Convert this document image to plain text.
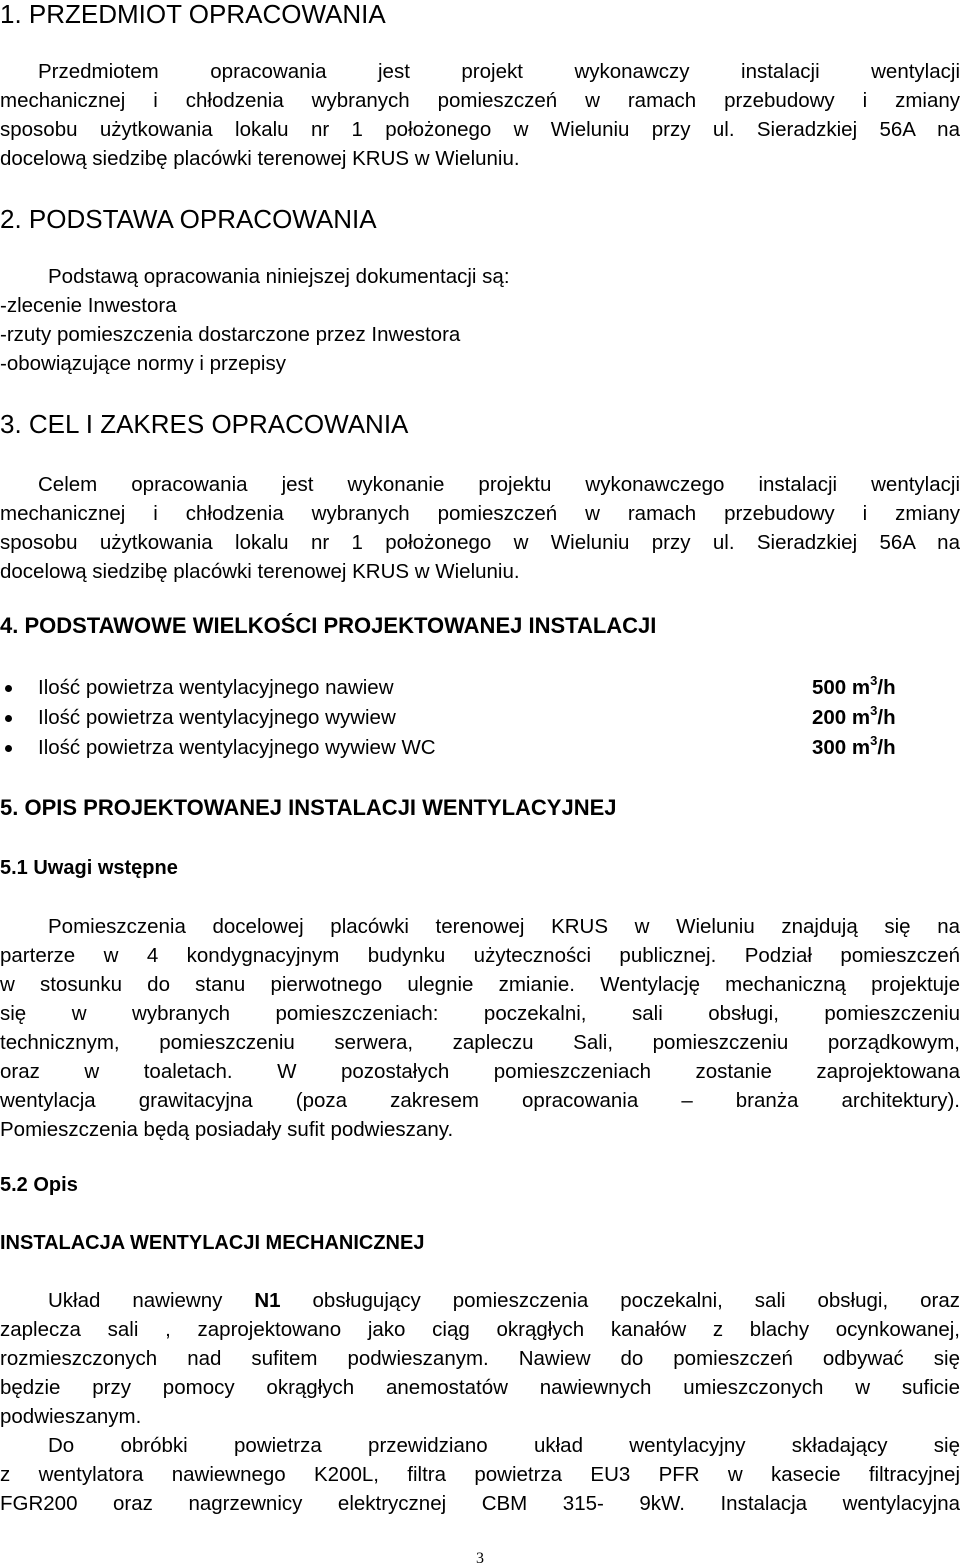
1. PRZEDMIOT OPRACOWANIA
Przedmiotem opracowania jest projekt wykonawczy instalacji wentylacji
mechanicznej i chłodzenia wybranych pomieszczeń w ramach przebudowy i zmiany
sposobu użytkowania lokalu nr 1 położonego w Wieluniu przy ul. Sieradzkiej 56A na
docelową siedzibę placówki terenowej KRUS w Wieluniu.
2. PODSTAWA OPRACOWANIA
Podstawą opracowania niniejszej dokumentacji są:
-zlecenie Inwestora
-rzuty pomieszczenia dostarczone przez Inwestora
-obowiązujące normy i przepisy
3. CEL I ZAKRES OPRACOWANIA
Celem opracowania jest wykonanie projektu wykonawczego instalacji wentylacji
mechanicznej i chłodzenia wybranych pomieszczeń w ramach przebudowy i zmiany
sposobu użytkowania lokalu nr 1 położonego w Wieluniu przy ul. Sieradzkiej 56A na
docelową siedzibę placówki terenowej KRUS w Wieluniu.
4. PODSTAWOWE WIELKOŚCI PROJEKTOWANEJ INSTALACJI
Ilość powietrza wentylacyjnego nawiew	500 $m^3/h$
Ilość powietrza wentylacyjnego wywiew	200 $m^3/h$
Ilość powietrza wentylacyjnego wywiew WC	300 $m^3/h$
5. OPIS PROJEKTOWANEJ INSTALACJI WENTYLACYJNEJ
5.1 Uwagi wstępne
Pomieszczenia docelowej placówki terenowej KRUS w Wieluniu znajdują się na
parterze w 4 kondygnacyjnym budynku użyteczności publicznej. Podział pomieszczeń
w stosunku do stanu pierwotnego ulegnie zmianie. Wentylację mechaniczną projektuje
się w wybranych pomieszczeniach: poczekalni, sali obsługi, pomieszczeniu
technicznym, pomieszczeniu serwera, zapleczu Sali, pomieszczeniu porządkowym,
oraz w toaletach. W pozostałych pomieszczeniach zostanie zaprojektowana
wentylacja grawitacyjna (poza zakresem opracowania – branża architektury).
Pomieszczenia będą posiadały sufit podwieszany.
5.2 Opis
INSTALACJA WENTYLACJI MECHANICZNEJ
Układ nawiewny N1 obsługujący pomieszczenia poczekalni, sali obsługi, oraz
zaplecza sali , zaprojektowano jako ciąg okrągłych kanałów z blachy ocynkowanej,
rozmieszczonych nad sufitem podwieszanym. Nawiew do pomieszczeń odbywać się
będzie przy pomocy okrągłych anemostatów nawiewnych umieszczonych w suficie
podwieszanym.
Do obróbki powietrza przewidziano układ wentylacyjny składający się
z wentylatora nawiewnego K200L, filtra powietrza EU3 PFR w kasecie filtracyjnej
FGR200 oraz nagrzewnicy elektrycznej CBM 315- 9kW. Instalacja wentylacyjna
3
